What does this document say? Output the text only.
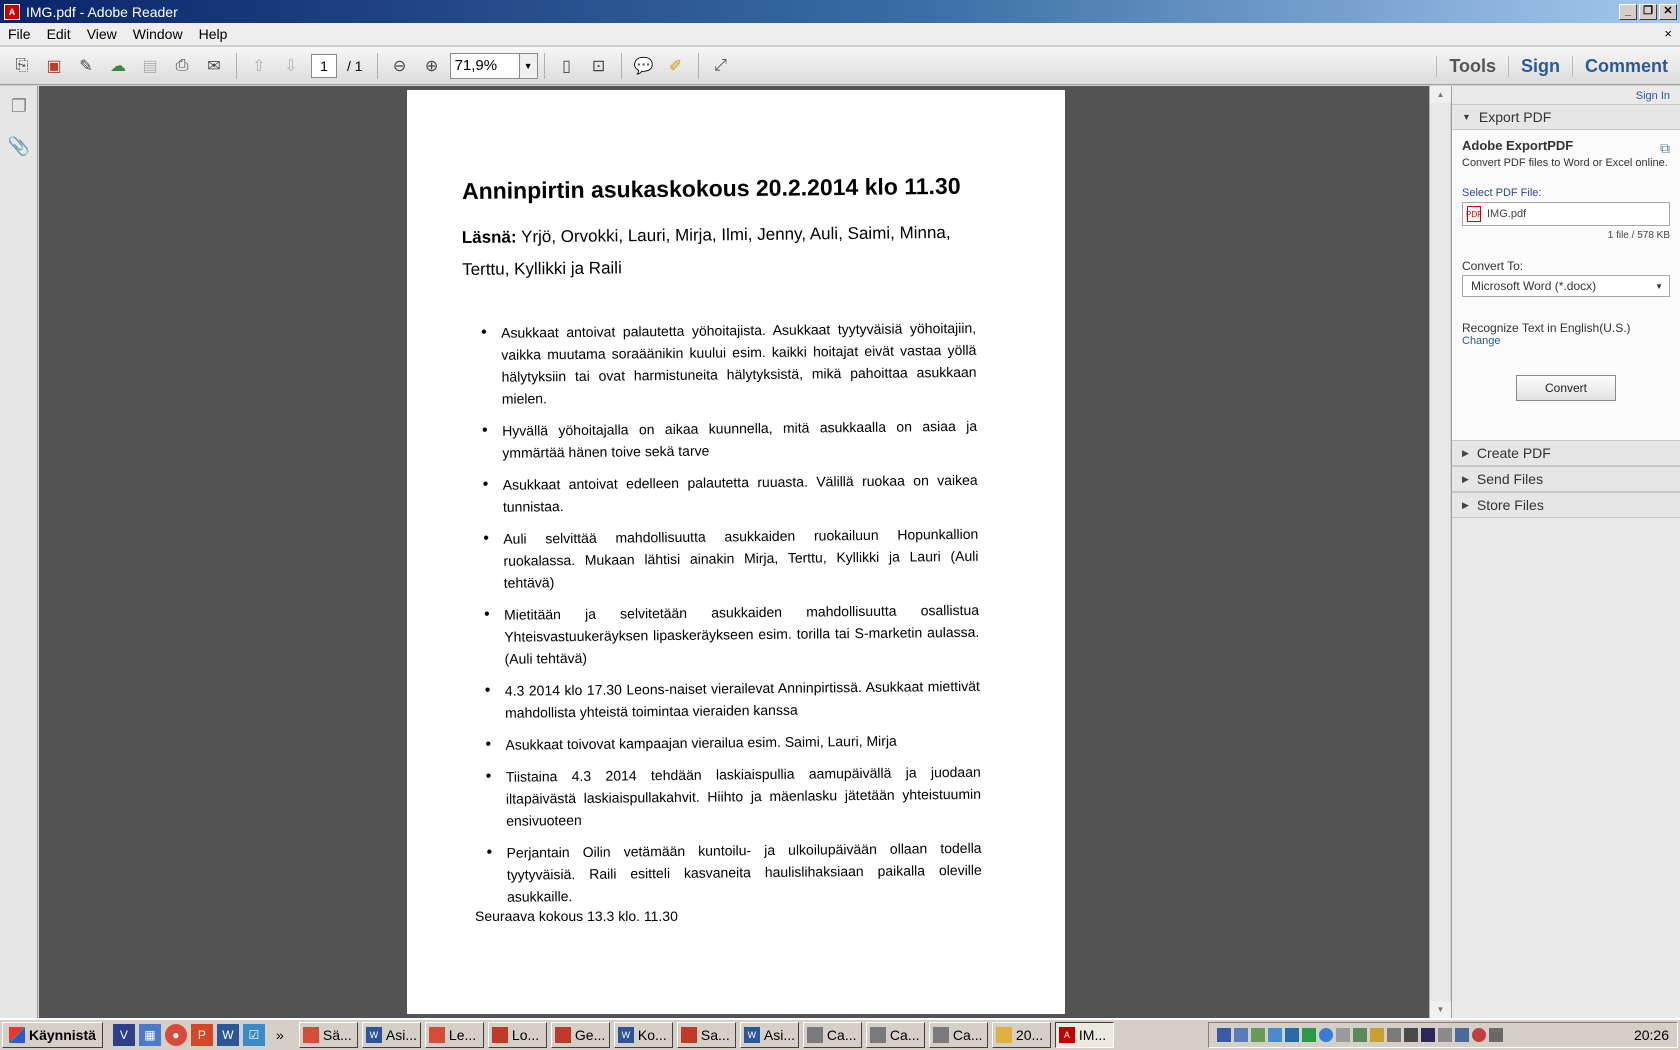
A IMG.pdf - Adobe Reader	_	❐ ✕
File	Edit	View	Window	Help	×
⎘	▣	✎	☁	▤	⎙	✉	⇧	⇩	1	/ 1	⊖	⊕	71,9%	▼	▯	⊡	💬 ✐	⤢	Tools	Sign	Comment
❐
📎
Anninpirtin asukaskokous 20.2.2014 klo 11.30
Läsnä: Yrjö, Orvokki, Lauri, Mirja, Ilmi, Jenny, Auli, Saimi, Minna, Terttu, Kyllikki ja Raili
• Asukkaat antoivat palautetta yöhoitajista. Asukkaat tyytyväisiä yöhoitajiin, vaikka muutama soraäänikin kuului esim. kaikki hoitajat eivät vastaa yöllä hälytyksiin tai ovat harmistuneita hälytyksistä, mikä pahoittaa asukkaan mielen.
• Hyvällä yöhoitajalla on aikaa kuunnella, mitä asukkaalla on asiaa ja ymmärtää hänen toive sekä tarve
• Asukkaat antoivat edelleen palautetta ruuasta. Välillä ruokaa on vaikea tunnistaa.
• Auli selvittää mahdollisuutta asukkaiden ruokailuun Hopunkallion ruokalassa. Mukaan lähtisi ainakin Mirja, Terttu, Kyllikki ja Lauri (Auli tehtävä)
• Mietitään ja selvitetään asukkaiden mahdollisuutta osallistua Yhteisvastuukeräyksen lipaskeräykseen esim. torilla tai S-marketin aulassa. (Auli tehtävä)
• 4.3 2014 klo 17.30 Leons-naiset vierailevat Anninpirtissä. Asukkaat miettivät mahdollista yhteistä toimintaa vieraiden kanssa
• Asukkaat toivovat kampaajan vierailua esim. Saimi, Lauri, Mirja
• Tiistaina 4.3 2014 tehdään laskiaispullia aamupäivällä ja juodaan iltapäivästä laskiaispullakahvit. Hiihto ja mäenlasku jätetään yhteistuumin ensivuoteen
• Perjantain Oilin vetämään kuntoilu- ja ulkoilupäivään ollaan todella tyytyväisiä. Raili esitteli kasvaneita haulislihaksiaan paikalla oleville asukkaille.
Seuraava kokous 13.3 klo. 11.30
▲
▼
Sign In
▼ Export PDF
Adobe ExportPDF	⧉
Convert PDF files to Word or Excel online.
Select PDF File:
PDF IMG.pdf
1 file / 578 KB
Convert To:
Microsoft Word (*.docx)	▼
Recognize Text in English(U.S.)
Change
Convert
▶ Create PDF
▶ Send Files
▶ Store Files
Käynnistä	V	▦	●	P	W	☑	»	Sä...	W Asi... Le...	Lo...	Ge...	W Ko... Sa...	W Asi... Ca... Ca... Ca... 20...	A IM...	20:26
